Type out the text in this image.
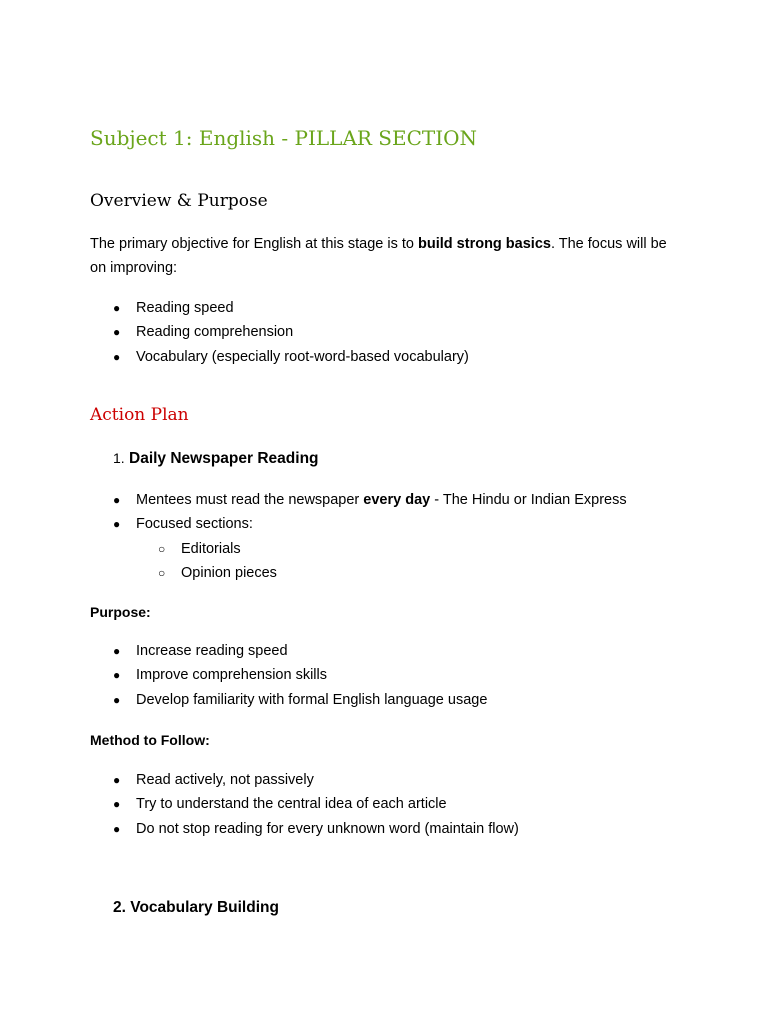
Subject 1: English - PILLAR SECTION
Overview & Purpose

The primary objective for English at this stage is to build strong basics. The focus will be on improving:

● Reading speed
● Reading comprehension
● Vocabulary (especially root-word-based vocabulary)
Action Plan
1. Daily Newspaper Reading
● Mentees must read the newspaper every day - The Hindu or Indian Express
● Focused sections:
○ Editorials
○ Opinion pieces

Purpose:

● Increase reading speed
● Improve comprehension skills
● Develop familiarity with formal English language usage

Method to Follow:

● Read actively, not passively
● Try to understand the central idea of each article
● Do not stop reading for every unknown word (maintain flow)
2. Vocabulary Building
